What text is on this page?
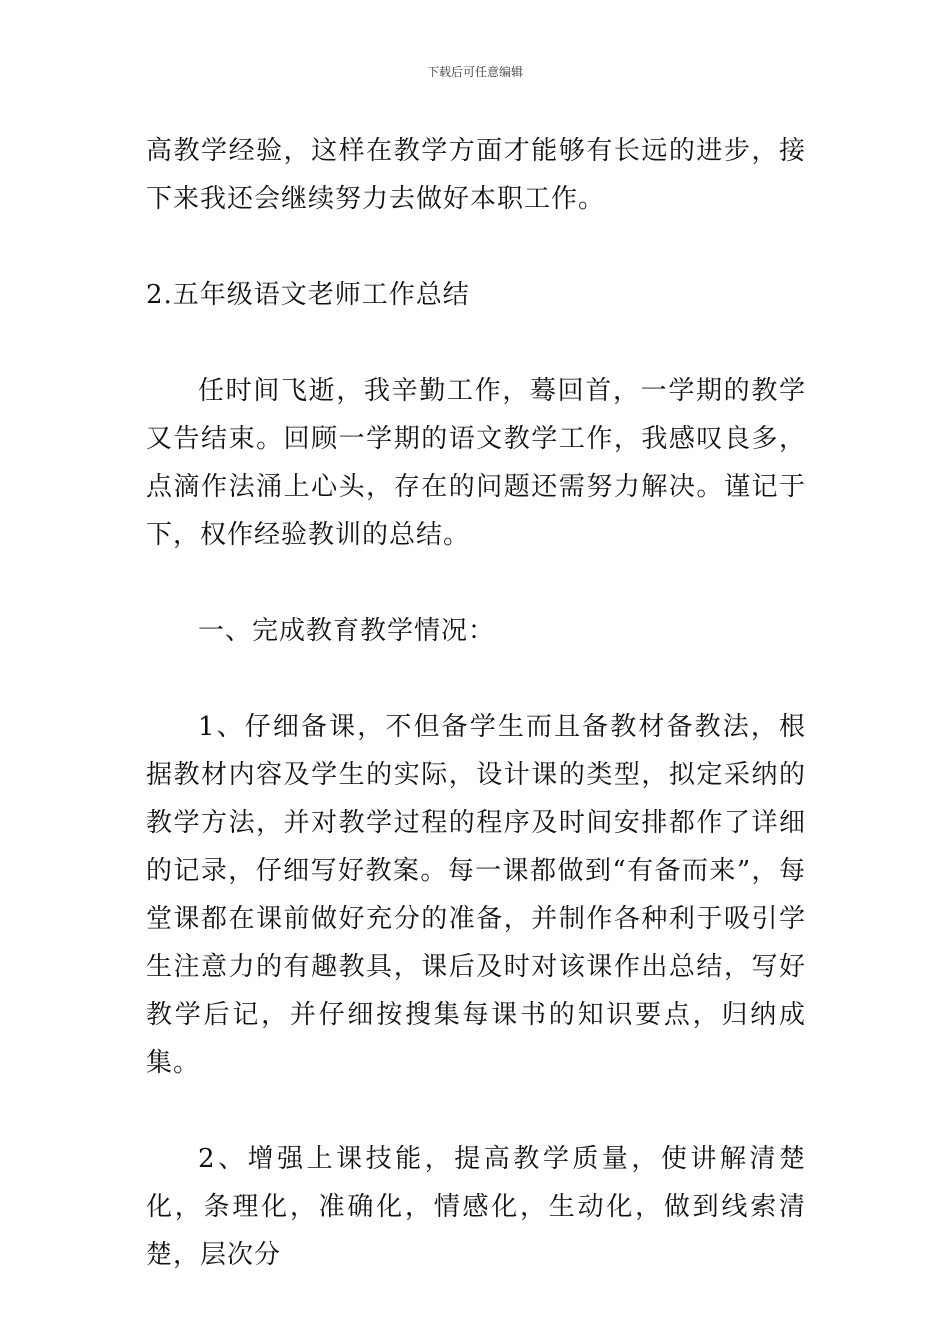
下载后可任意编辑

高教学经验，这样在教学方面才能够有长远的进步，接下来我还会继续努力去做好本职工作。

2.五年级语文老师工作总结

任时间飞逝，我辛勤工作，蓦回首，一学期的教学又告结束。回顾一学期的语文教学工作，我感叹良多，点滴作法涌上心头，存在的问题还需努力解决。谨记于下，权作经验教训的总结。

一、完成教育教学情况：

1、仔细备课，不但备学生而且备教材备教法，根据教材内容及学生的实际，设计课的类型，拟定采纳的教学方法，并对教学过程的程序及时间安排都作了详细的记录，仔细写好教案。每一课都做到“有备而来”，每堂课都在课前做好充分的准备，并制作各种利于吸引学生注意力的有趣教具，课后及时对该课作出总结，写好教学后记，并仔细按搜集每课书的知识要点，归纳成集。

2、增强上课技能，提高教学质量，使讲解清楚化，条理化，准确化，情感化，生动化，做到线索清楚，层次分
